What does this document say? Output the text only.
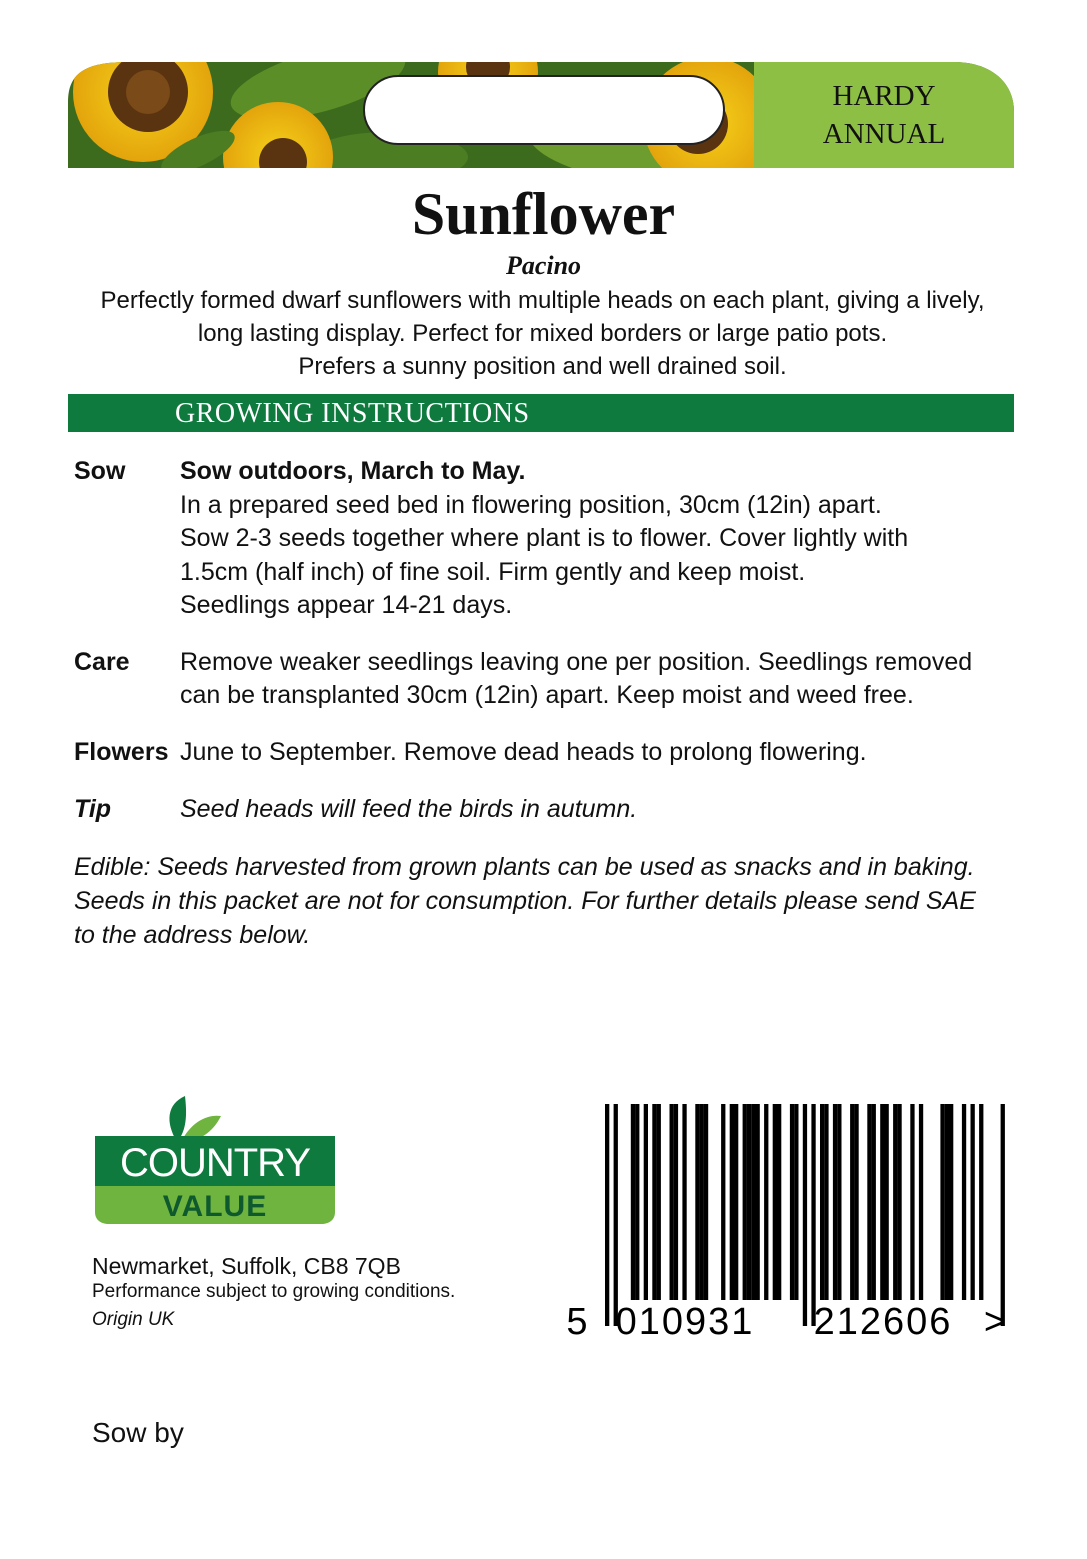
HARDY
ANNUAL
Sunflower
Pacino
Perfectly formed dwarf sunflowers with multiple heads on each plant, giving a lively,
long lasting display. Perfect for mixed borders or large patio pots.
Prefers a sunny position and well drained soil.
GROWING INSTRUCTIONS
Sow Sow outdoors, March to May.
In a prepared seed bed in flowering position, 30cm (12in) apart.
Sow 2-3 seeds together where plant is to flower. Cover lightly with
1.5cm (half inch) of fine soil. Firm gently and keep moist.
Seedlings appear 14-21 days.
Care Remove weaker seedlings leaving one per position. Seedlings removed
can be transplanted 30cm (12in) apart. Keep moist and weed free.
Flowers June to September. Remove dead heads to prolong flowering.
Tip	Seed heads will feed the birds in autumn.
Edible: Seeds harvested from grown plants can be used as snacks and in baking.
Seeds in this packet are not for consumption. For further details please send SAE
to the address below.
COUNTRY
VALUE
Newmarket, Suffolk, CB8 7QB
Performance subject to growing conditions.
Origin UK	5 010931 212606 >
Sow by
